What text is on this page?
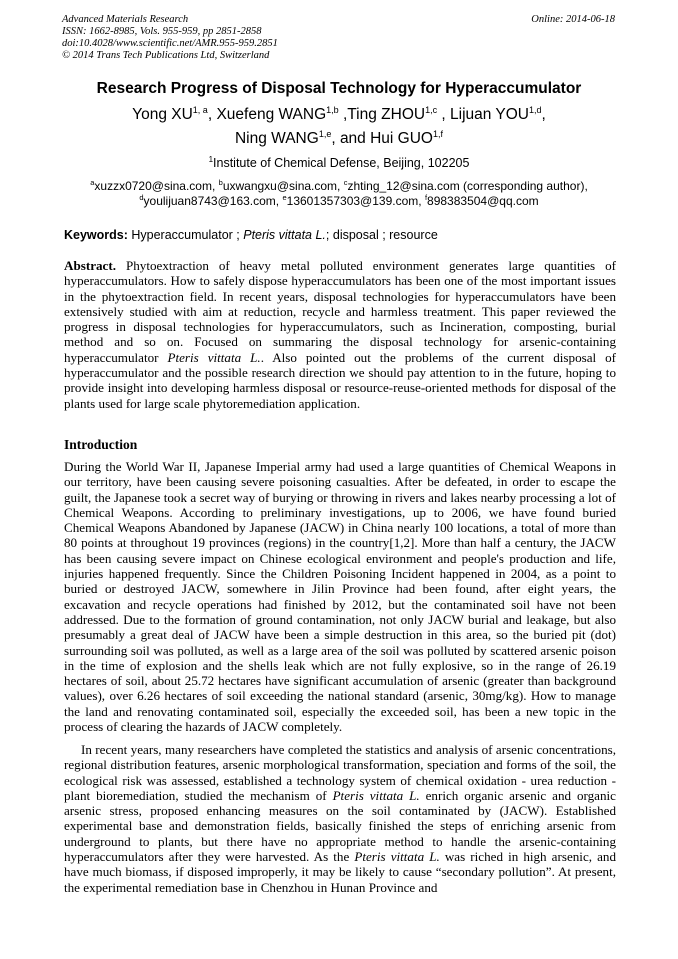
Advanced Materials Research
ISSN: 1662-8985, Vols. 955-959, pp 2851-2858
doi:10.4028/www.scientific.net/AMR.955-959.2851
© 2014 Trans Tech Publications Ltd, Switzerland
Online: 2014-06-18
Research Progress of Disposal Technology for Hyperaccumulator
Yong XU$^{1, a}$, Xuefeng WANG$^{1,b}$ ,Ting ZHOU$^{1,c}$ , Lijuan YOU$^{1,d}$,
Ning WANG$^{1,e}$, and Hui GUO$^{1,f}$
$^1$Institute of Chemical Defense, Beijing, 102205
$^a$xuzzx0720@sina.com, $^b$uxwangxu@sina.com, $^c$zhting_12@sina.com (corresponding author),
$^d$youlijuan8743@163.com, $^e$13601357303@139.com, $^f$898383504@qq.com
Keywords: Hyperaccumulator ; Pteris vittata L.; disposal ; resource

Abstract. Phytoextraction of heavy metal polluted environment generates large quantities of hyperaccumulators. How to safely dispose hyperaccumulators has been one of the most important issues in the phytoextraction field. In recent years, disposal technologies for hyperaccumulators have been extensively studied with aim at reduction, recycle and harmless treatment. This paper reviewed the progress in disposal technologies for hyperaccumulators, such as Incineration, composting, burial method and so on. Focused on summaring the disposal technology for arsenic-containing hyperaccumulator Pteris vittata L.. Also pointed out the problems of the current disposal of hyperaccumulator and the possible research direction we should pay attention to in the future, hoping to provide insight into developing harmless disposal or resource-reuse-oriented methods for disposal of the plants used for large scale phytoremediation application.

Introduction

During the World War II, Japanese Imperial army had used a large quantities of Chemical Weapons in our territory, have been causing severe poisoning casualties. After be defeated, in order to escape the guilt, the Japanese took a secret way of burying or throwing in rivers and lakes nearby processing a lot of Chemical Weapons. According to preliminary investigations, up to 2006, we have found buried Chemical Weapons Abandoned by Japanese (JACW) in China nearly 100 locations, a total of more than 80 points at throughout 19 provinces (regions) in the country[1,2]. More than half a century, the JACW has been causing severe impact on Chinese ecological environment and people's production and life, injuries happened frequently. Since the Children Poisoning Incident happened in 2004, as a point to buried or destroyed JACW, somewhere in Jilin Province had been found, after eight years, the excavation and recycle operations had finished by 2012, but the contaminated soil have not been addressed. Due to the formation of ground contamination, not only JACW burial and leakage, but also presumably a great deal of JACW have been a simple destruction in this area, so the buried pit (dot) surrounding soil was polluted, as well as a large area of the soil was polluted by scattered arsenic poison in the time of explosion and the shells leak which are not fully explosive, so in the range of 26.19 hectares of soil, about 25.72 hectares have significant accumulation of arsenic (greater than background values), over 6.26 hectares of soil exceeding the national standard (arsenic, 30mg/kg). How to manage the land and renovating contaminated soil, especially the exceeded soil, has been a new topic in the process of clearing the hazards of JACW completely.

In recent years, many researchers have completed the statistics and analysis of arsenic concentrations, regional distribution features, arsenic morphological transformation, speciation and forms of the soil, the ecological risk was assessed, established a technology system of chemical oxidation - urea reduction - plant bioremediation, studied the mechanism of Pteris vittata L. enrich organic arsenic and organic arsenic stress, proposed enhancing measures on the soil contaminated by (JACW). Established experimental base and demonstration fields, basically finished the steps of enriching arsenic from underground to plants, but there have no appropriate method to handle the arsenic-containing hyperaccumulators after they were harvested. As the Pteris vittata L. was riched in high arsenic, and have much biomass, if disposed improperly, it may be likely to cause “secondary pollution”. At present, the experimental remediation base in Chenzhou in Hunan Province and
